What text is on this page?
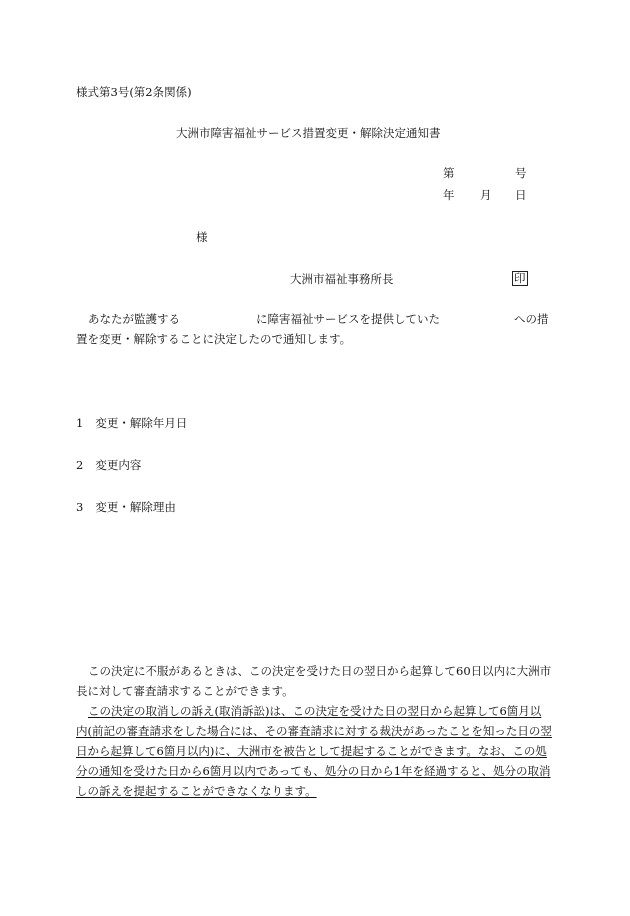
様式第3号(第2条関係)
大洲市障害福祉サービス措置変更・解除決定通知書
第	号
年 月 日
様
大洲市福祉事務所長	印
あなたが監護する	に障害福祉サービスを提供していた	への措置を変更・解除することに決定したので通知します。
1 変更・解除年月日
2 変更内容
3 変更・解除理由
この決定に不服があるときは、この決定を受けた日の翌日から起算して60日以内に大洲市長に対して審査請求することができます。
この決定の取消しの訴え(取消訴訟)は、この決定を受けた日の翌日から起算して6箇月以内(前記の審査請求をした場合には、その審査請求に対する裁決があったことを知った日の翌日から起算して6箇月以内)に、大洲市を被告として提起することができます。なお、この処分の通知を受けた日から6箇月以内であっても、処分の日から1年を経過すると、処分の取消しの訴えを提起することができなくなります。
